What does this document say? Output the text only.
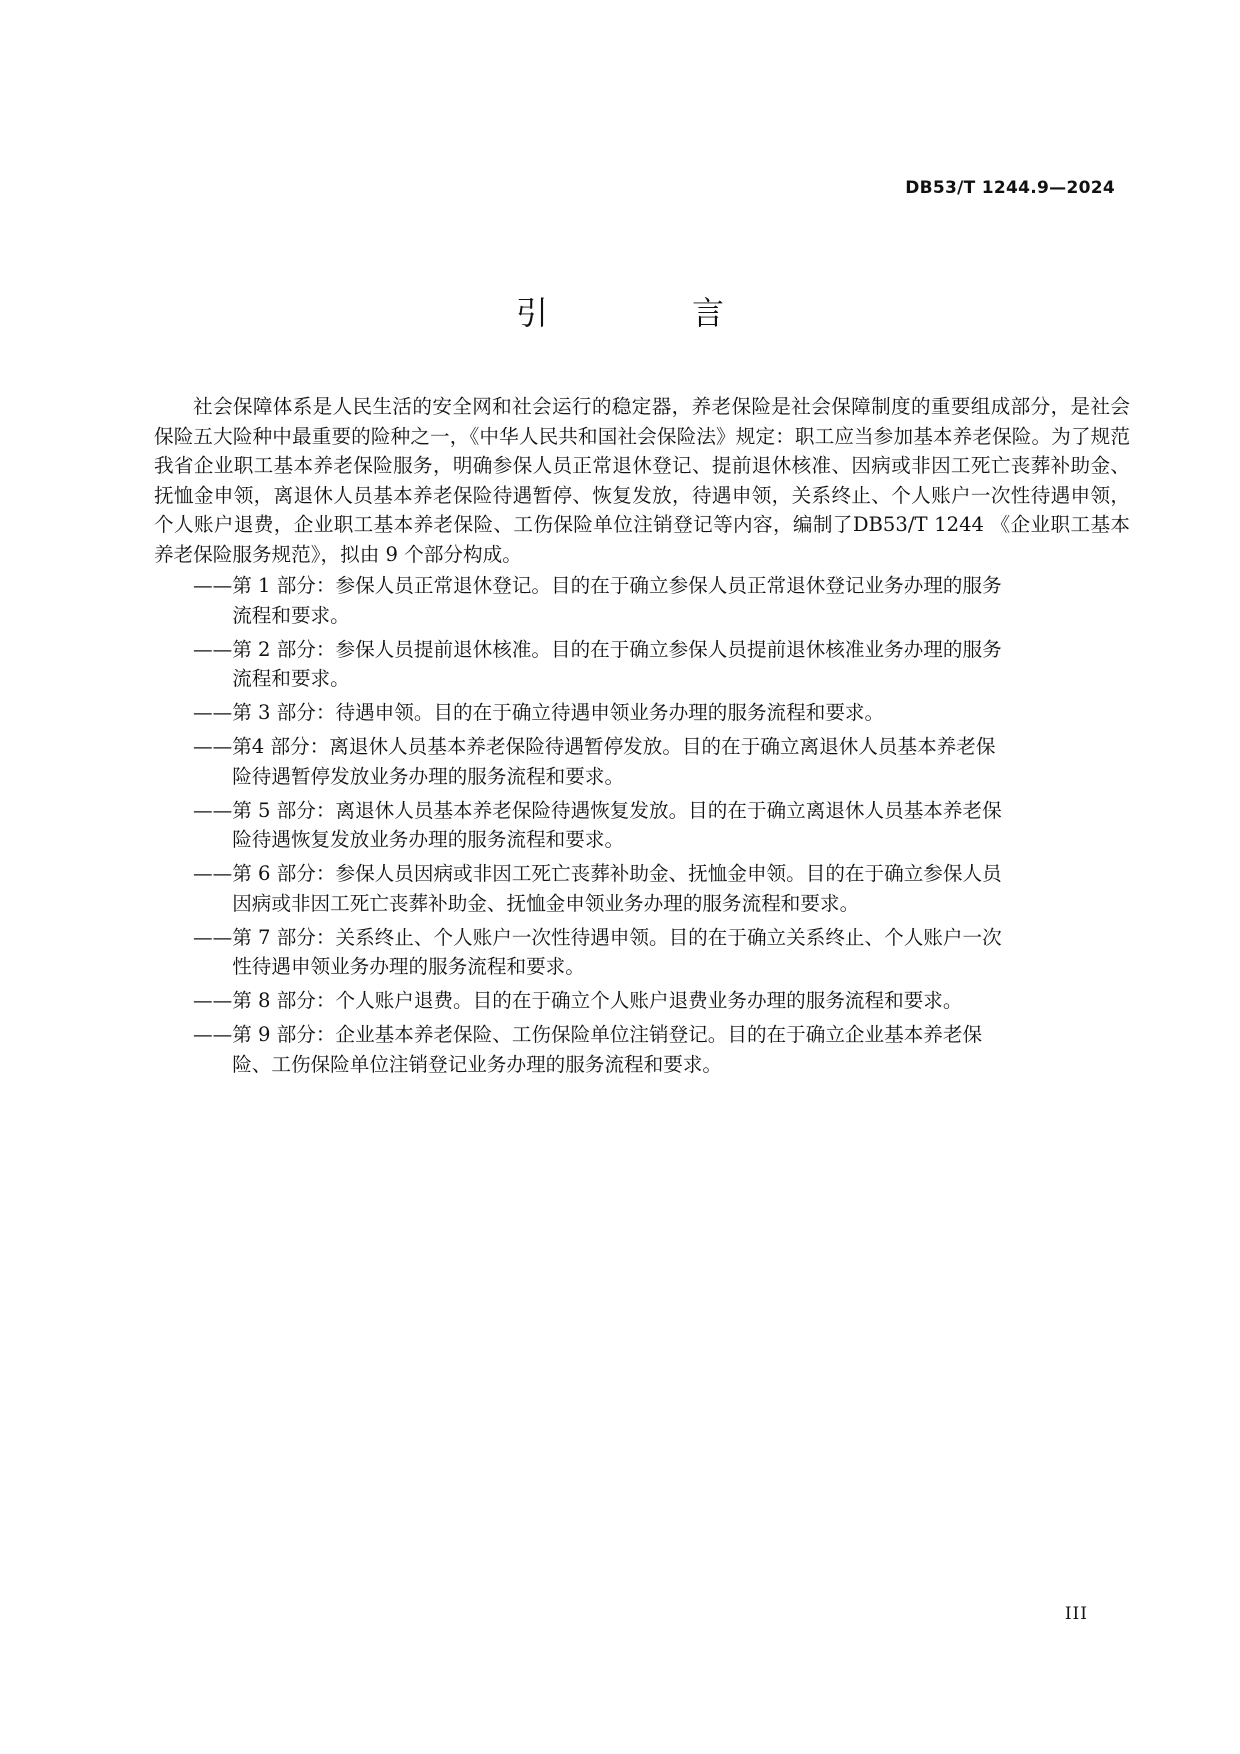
DB53/T 1244.9—2024
引　言

社会保障体系是人民生活的安全网和社会运行的稳定器，养老保险是社会保障制度的重要组成部分，是社会保险五大险种中最重要的险种之一，《中华人民共和国社会保险法》规定：职工应当参加基本养老保险。为了规范我省企业职工基本养老保险服务，明确参保人员正常退休登记、提前退休核准、因病或非因工死亡丧葬补助金、抚恤金申领，离退休人员基本养老保险待遇暂停、恢复发放，待遇申领，关系终止、个人账户一次性待遇申领，个人账户退费，企业职工基本养老保险、工伤保险单位注销登记等内容，编制了DB53/T 1244 《企业职工基本养老保险服务规范》，拟由 9 个部分构成。

—— 第 1 部分：参保人员正常退休登记。目的在于确立参保人员正常退休登记业务办理的服务流程和要求。
—— 第 2 部分：参保人员提前退休核准。目的在于确立参保人员提前退休核准业务办理的服务流程和要求。
—— 第 3 部分：待遇申领。目的在于确立待遇申领业务办理的服务流程和要求。
—— 第4 部分：离退休人员基本养老保险待遇暂停发放。目的在于确立离退休人员基本养老保险待遇暂停发放业务办理的服务流程和要求。
—— 第 5 部分：离退休人员基本养老保险待遇恢复发放。目的在于确立离退休人员基本养老保险待遇恢复发放业务办理的服务流程和要求。
—— 第 6 部分：参保人员因病或非因工死亡丧葬补助金、抚恤金申领。目的在于确立参保人员因病或非因工死亡丧葬补助金、抚恤金申领业务办理的服务流程和要求。
—— 第 7 部分：关系终止、个人账户一次性待遇申领。目的在于确立关系终止、个人账户一次性待遇申领业务办理的服务流程和要求。
—— 第 8 部分：个人账户退费。目的在于确立个人账户退费业务办理的服务流程和要求。
—— 第 9 部分：企业基本养老保险、工伤保险单位注销登记。目的在于确立企业基本养老保险、工伤保险单位注销登记业务办理的服务流程和要求。
III
